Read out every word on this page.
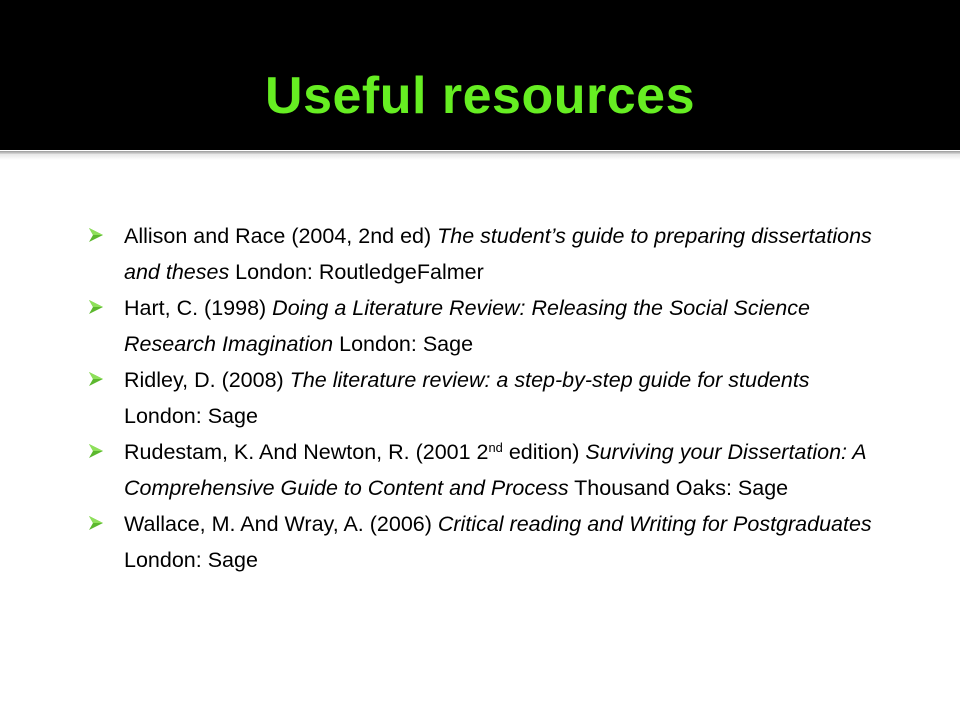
Useful resources
Allison and Race (2004, 2nd ed) The student’s guide to preparing dissertations and theses London: RoutledgeFalmer
Hart, C. (1998) Doing a Literature Review: Releasing the Social Science Research Imagination London: Sage
Ridley, D. (2008) The literature review: a step-by-step guide for students London: Sage
Rudestam, K. And Newton, R. (2001 2nd edition) Surviving your Dissertation: A Comprehensive Guide to Content and Process Thousand Oaks: Sage
Wallace, M. And Wray, A. (2006) Critical reading and Writing for Postgraduates London: Sage
